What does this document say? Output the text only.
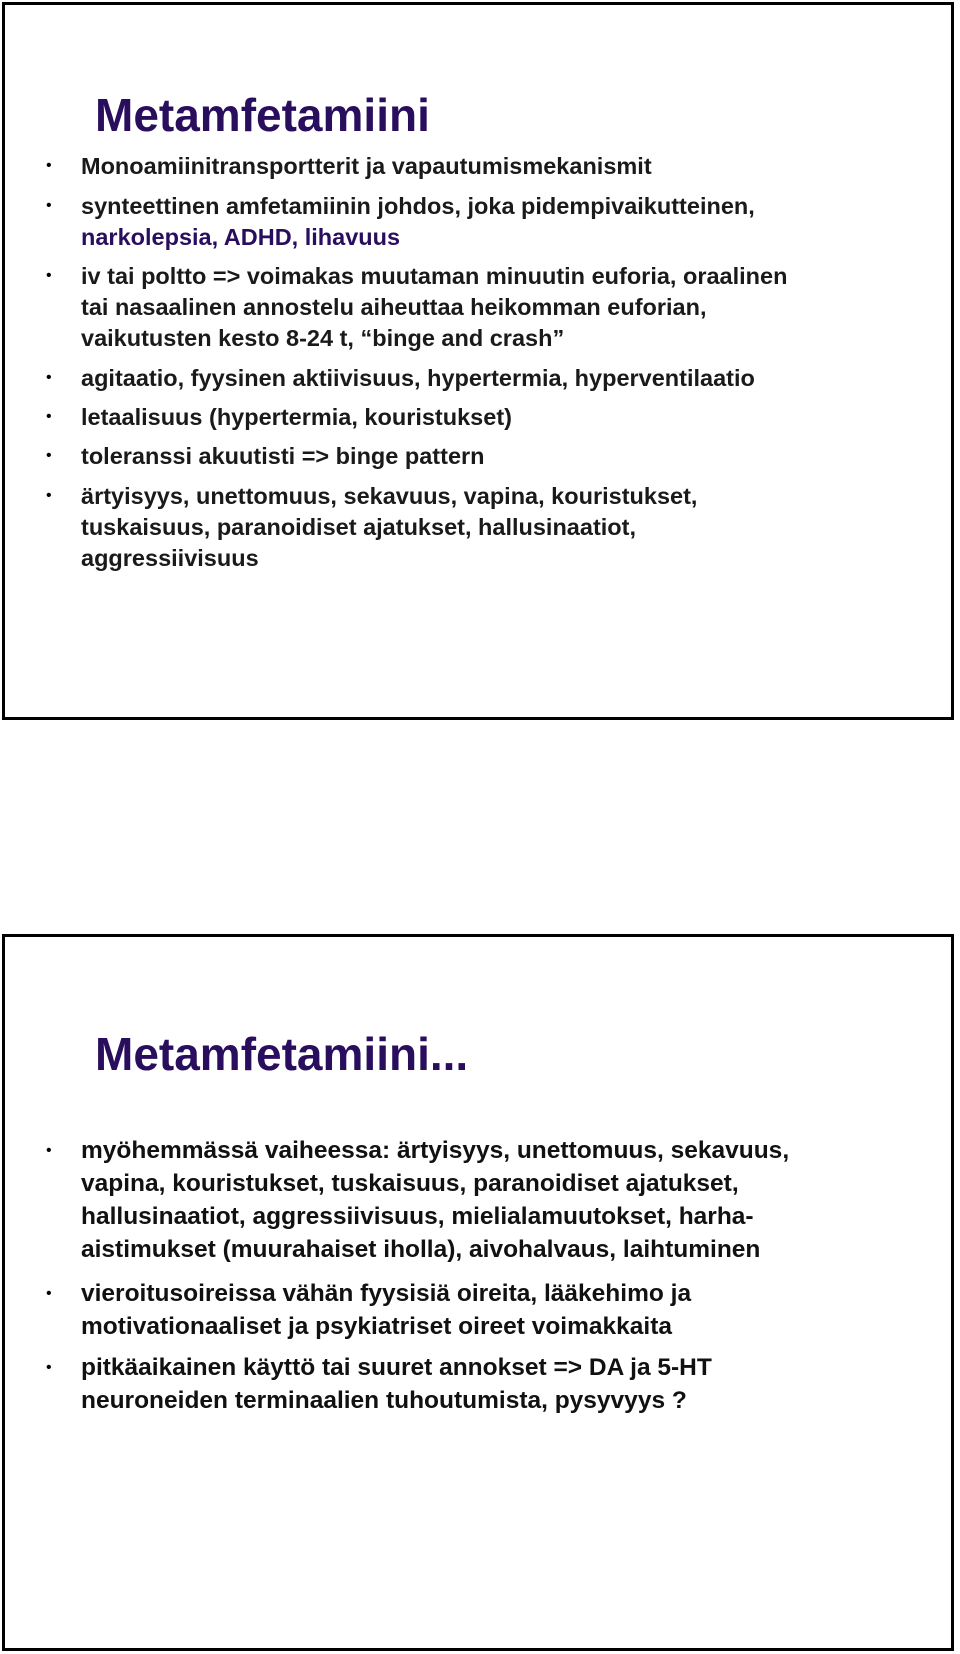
Metamfetamiini
• Monoamiinitransportterit ja vapautumismekanismit
• synteettinen amfetamiinin johdos, joka pidempivaikutteinen,
narkolepsia, ADHD, lihavuus
• iv tai poltto => voimakas muutaman minuutin euforia, oraalinen
tai nasaalinen annostelu aiheuttaa heikomman euforian,
vaikutusten kesto 8-24 t, “binge and crash”
• agitaatio, fyysinen aktiivisuus, hypertermia, hyperventilaatio
• letaalisuus (hypertermia, kouristukset)
• toleranssi akuutisti => binge pattern
• ärtyisyys, unettomuus, sekavuus, vapina, kouristukset,
tuskaisuus, paranoidiset ajatukset, hallusinaatiot,
aggressiivisuus
Metamfetamiini...
• myöhemmässä vaiheessa: ärtyisyys, unettomuus, sekavuus,
vapina, kouristukset, tuskaisuus, paranoidiset ajatukset,
hallusinaatiot, aggressiivisuus, mielialamuutokset, harha-
aistimukset (muurahaiset iholla), aivohalvaus, laihtuminen
• vieroitusoireissa vähän fyysisiä oireita, lääkehimo ja
motivationaaliset ja psykiatriset oireet voimakkaita
• pitkäaikainen käyttö tai suuret annokset => DA ja 5-HT
neuroneiden terminaalien tuhoutumista, pysyvyys ?
